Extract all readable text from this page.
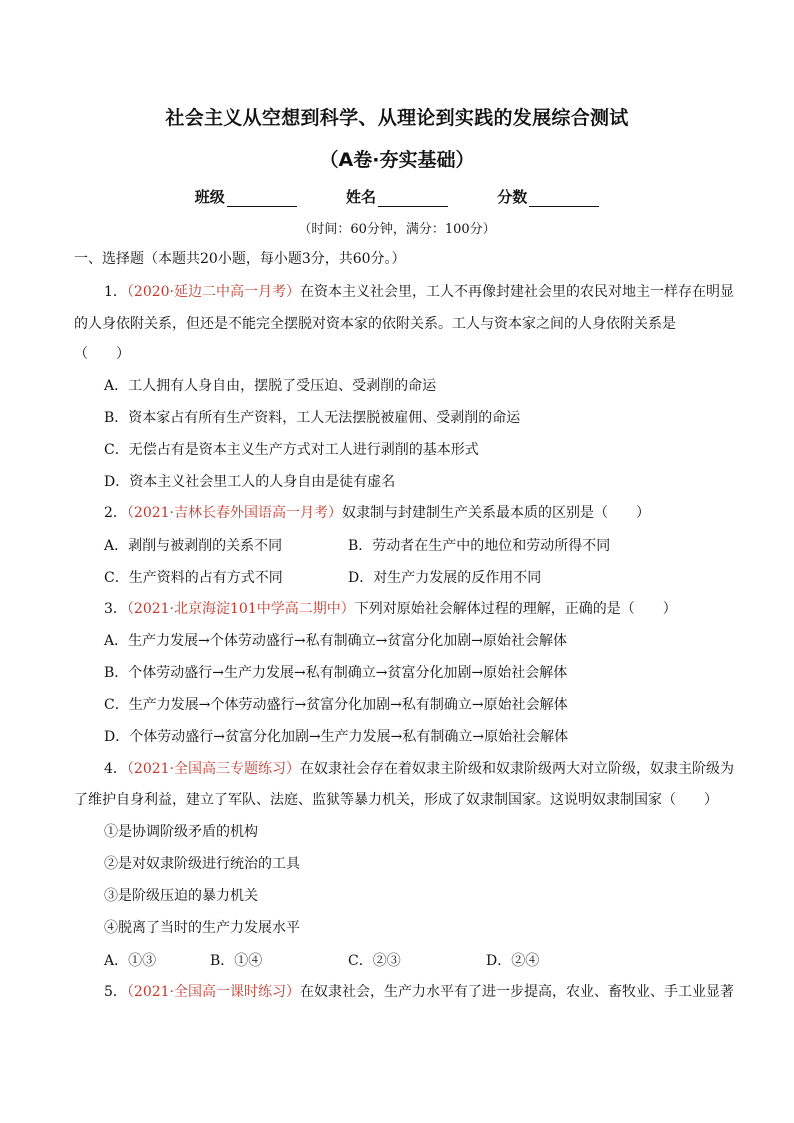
社会主义从空想到科学、从理论到实践的发展综合测试
（A卷·夯实基础）
班级	姓名	分数
（时间：60分钟，满分：100分）
一、选择题（本题共20小题，每小题3分，共60分。）
1．（2020·延边二中高一月考）在资本主义社会里，工人不再像封建社会里的农民对地主一样存在明显
的人身依附关系，但还是不能完全摆脱对资本家的依附关系。工人与资本家之间的人身依附关系是
（　　）
A．工人拥有人身自由，摆脱了受压迫、受剥削的命运
B．资本家占有所有生产资料，工人无法摆脱被雇佣、受剥削的命运
C．无偿占有是资本主义生产方式对工人进行剥削的基本形式
D．资本主义社会里工人的人身自由是徒有虚名
2．（2021·吉林长春外国语高一月考）奴隶制与封建制生产关系最本质的区别是（　　）
A．剥削与被剥削的关系不同	B．劳动者在生产中的地位和劳动所得不同
C．生产资料的占有方式不同	D．对生产力发展的反作用不同
3．（2021·北京海淀101中学高二期中）下列对原始社会解体过程的理解，正确的是（　　）
A．生产力发展→个体劳动盛行→私有制确立→贫富分化加剧→原始社会解体
B．个体劳动盛行→生产力发展→私有制确立→贫富分化加剧→原始社会解体
C．生产力发展→个体劳动盛行→贫富分化加剧→私有制确立→原始社会解体
D．个体劳动盛行→贫富分化加剧→生产力发展→私有制确立→原始社会解体
4．（2021·全国高三专题练习）在奴隶社会存在着奴隶主阶级和奴隶阶级两大对立阶级，奴隶主阶级为
了维护自身利益，建立了军队、法庭、监狱等暴力机关，形成了奴隶制国家。这说明奴隶制国家（　　）
①是协调阶级矛盾的机构
②是对奴隶阶级进行统治的工具
③是阶级压迫的暴力机关
④脱离了当时的生产力发展水平
A．①③	B．①④	C．②③	D．②④
5．（2021·全国高一课时练习）在奴隶社会，生产力水平有了进一步提高，农业、畜牧业、手工业显著
